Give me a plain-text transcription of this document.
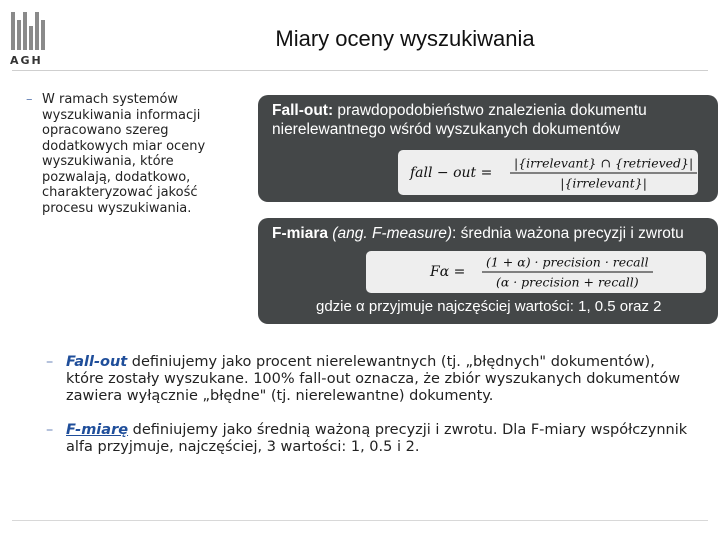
AGH
Miary oceny wyszukiwania
– W ramach systemów wyszukiwania informacji opracowano szereg dodatkowych miar oceny wyszukiwania, które pozwalają, dodatkowo, charakteryzować jakość procesu wyszukiwania.
Fall-out: prawdopodobieństwo znalezienia dokumentu nierelewantnego wśród wyszukanych dokumentów
fall − out =
|{irrelevant} ∩ {retrieved}|
|{irrelevant}|
F-miara (ang. F-measure): średnia ważona precyzji i zwrotu
Fα =
(1 + α) · precision · recall
(α · precision + recall)
gdzie α przyjmuje najczęściej wartości: 1, 0.5 oraz 2
– Fall-out definiujemy jako procent nierelewantnych (tj. „błędnych" dokumentów), które zostały wyszukane. 100% fall-out oznacza, że zbiór wyszukanych dokumentów zawiera wyłącznie „błędne" (tj. nierelewantne) dokumenty.
– F-miarę definiujemy jako średnią ważoną precyzji i zwrotu. Dla F-miary współczynnik alfa przyjmuje, najczęściej, 3 wartości: 1, 0.5 i 2.
